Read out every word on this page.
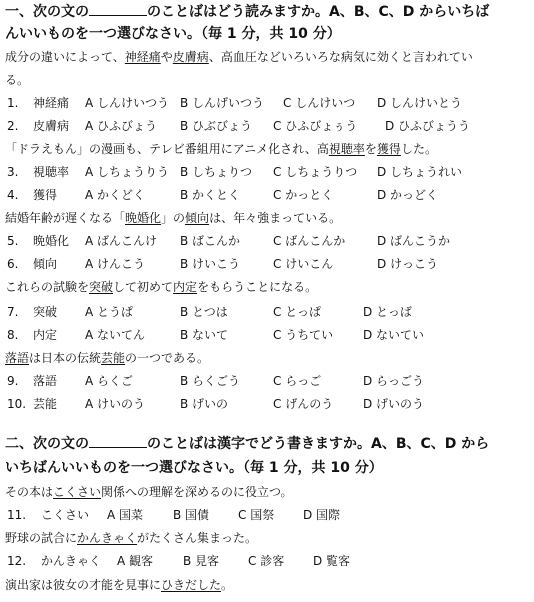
一、次の文の	のことばはどう読みますか。A、B、C、D からいちば
んいいものを一つ選びなさい。（毎 1 分，共 10 分）
成分の違いによって、神経痛や皮膚病、高血圧などいろいろな病気に効くと言われてい
る。
1. 神経痛 A しんけいつう B しんげいつう C しんけいつ D しんけいとう
2. 皮膚病 A ひふびょう B ひぶびょう C ひふびょぅう D ひふびょうう
「ドラえもん」の漫画も、テレビ番組用にアニメ化され、高視聴率を獲得した。
3. 視聴率 A しちょうりう B しちょりつ C しちょうりつ D しちょうれい
4. 獲得 A かくどく	B かくとく	C かっとく	D かっどく
結婚年齢が遅くなる「晩婚化」の傾向は、年々強まっている。
5. 晩婚化 A ばんこんけ B ばこんか	C ばんこんか	D ばんこうか
6. 傾向 A けんこう	B けいこう	C けいこん	D けっこう
これらの試験を突破して初めて内定をもらうことになる。
7. 突破 A とうぱ	B とつは	C とっぱ	D とっば
8. 内定 A ないてん	B ないて	C うちてい D ないてい
落語は日本の伝統芸能の一つである。
9. 落語 A らくご	B らくごう	C らっご	D らっごう
10. 芸能 A けいのう	B げいの	C げんのう D げいのう
二、次の文の	のことばは漢字でどう書きますか。A、B、C、D から
いちばんいいものを一つ選びなさい。（毎 1 分，共 10 分）
その本はこくさい関係への理解を深めるのに役立つ。
11. こくさい A 国菜 B 国債 C 国祭 D 国際
野球の試合にかんきゃくがたくさん集まった。
12. かんきゃく A 観客 B 見客 C 診客 D 覧客
演出家は彼女の才能を見事にひきだした。
